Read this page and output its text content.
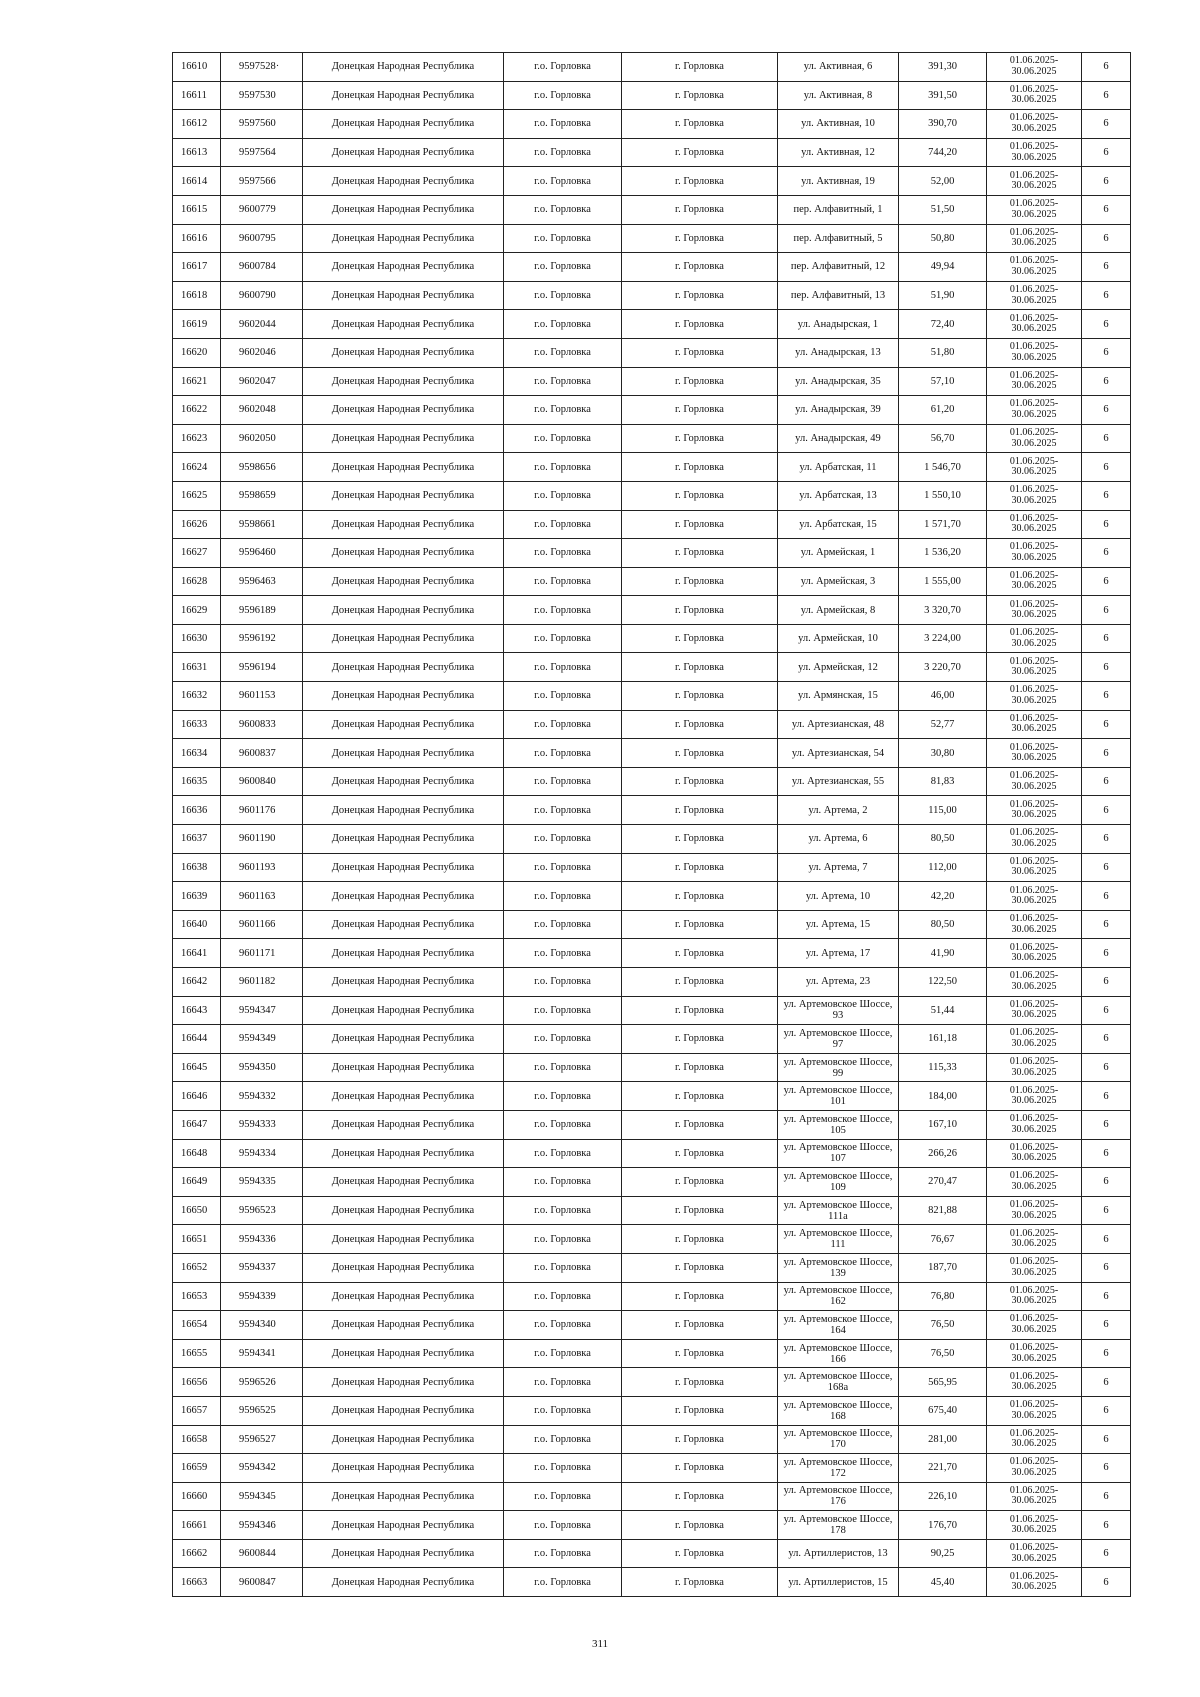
16610	9597528·	Донецкая Народная Республика	г.о. Горловка	г. Горловка	ул. Активная, 6	391,30	01.06.2025-30.06.2025	6
16611	9597530	Донецкая Народная Республика	г.о. Горловка	г. Горловка	ул. Активная, 8	391,50	01.06.2025-30.06.2025	6
16612	9597560	Донецкая Народная Республика	г.о. Горловка	г. Горловка	ул. Активная, 10	390,70	01.06.2025-30.06.2025	6
16613	9597564	Донецкая Народная Республика	г.о. Горловка	г. Горловка	ул. Активная, 12	744,20	01.06.2025-30.06.2025	6
16614	9597566	Донецкая Народная Республика	г.о. Горловка	г. Горловка	ул. Активная, 19	52,00	01.06.2025-30.06.2025	6
16615	9600779	Донецкая Народная Республика	г.о. Горловка	г. Горловка	пер. Алфавитный, 1	51,50	01.06.2025-30.06.2025	6
16616	9600795	Донецкая Народная Республика	г.о. Горловка	г. Горловка	пер. Алфавитный, 5	50,80	01.06.2025-30.06.2025	6
16617	9600784	Донецкая Народная Республика	г.о. Горловка	г. Горловка	пер. Алфавитный, 12	49,94	01.06.2025-30.06.2025	6
16618	9600790	Донецкая Народная Республика	г.о. Горловка	г. Горловка	пер. Алфавитный, 13	51,90	01.06.2025-30.06.2025	6
16619	9602044	Донецкая Народная Республика	г.о. Горловка	г. Горловка	ул. Анадырская, 1	72,40	01.06.2025-30.06.2025	6
16620	9602046	Донецкая Народная Республика	г.о. Горловка	г. Горловка	ул. Анадырская, 13	51,80	01.06.2025-30.06.2025	6
16621	9602047	Донецкая Народная Республика	г.о. Горловка	г. Горловка	ул. Анадырская, 35	57,10	01.06.2025-30.06.2025	6
16622	9602048	Донецкая Народная Республика	г.о. Горловка	г. Горловка	ул. Анадырская, 39	61,20	01.06.2025-30.06.2025	6
16623	9602050	Донецкая Народная Республика	г.о. Горловка	г. Горловка	ул. Анадырская, 49	56,70	01.06.2025-30.06.2025	6
16624	9598656	Донецкая Народная Республика	г.о. Горловка	г. Горловка	ул. Арбатская, 11	1 546,70	01.06.2025-30.06.2025	6
16625	9598659	Донецкая Народная Республика	г.о. Горловка	г. Горловка	ул. Арбатская, 13	1 550,10	01.06.2025-30.06.2025	6
16626	9598661	Донецкая Народная Республика	г.о. Горловка	г. Горловка	ул. Арбатская, 15	1 571,70	01.06.2025-30.06.2025	6
16627	9596460	Донецкая Народная Республика	г.о. Горловка	г. Горловка	ул. Армейская, 1	1 536,20	01.06.2025-30.06.2025	6
16628	9596463	Донецкая Народная Республика	г.о. Горловка	г. Горловка	ул. Армейская, 3	1 555,00	01.06.2025-30.06.2025	6
16629	9596189	Донецкая Народная Республика	г.о. Горловка	г. Горловка	ул. Армейская, 8	3 320,70	01.06.2025-30.06.2025	6
16630	9596192	Донецкая Народная Республика	г.о. Горловка	г. Горловка	ул. Армейская, 10	3 224,00	01.06.2025-30.06.2025	6
16631	9596194	Донецкая Народная Республика	г.о. Горловка	г. Горловка	ул. Армейская, 12	3 220,70	01.06.2025-30.06.2025	6
16632	9601153	Донецкая Народная Республика	г.о. Горловка	г. Горловка	ул. Армянская, 15	46,00	01.06.2025-30.06.2025	6
16633	9600833	Донецкая Народная Республика	г.о. Горловка	г. Горловка	ул. Артезианская, 48	52,77	01.06.2025-30.06.2025	6
16634	9600837	Донецкая Народная Республика	г.о. Горловка	г. Горловка	ул. Артезианская, 54	30,80	01.06.2025-30.06.2025	6
16635	9600840	Донецкая Народная Республика	г.о. Горловка	г. Горловка	ул. Артезианская, 55	81,83	01.06.2025-30.06.2025	6
16636	9601176	Донецкая Народная Республика	г.о. Горловка	г. Горловка	ул. Артема, 2	115,00	01.06.2025-30.06.2025	6
16637	9601190	Донецкая Народная Республика	г.о. Горловка	г. Горловка	ул. Артема, 6	80,50	01.06.2025-30.06.2025	6
16638	9601193	Донецкая Народная Республика	г.о. Горловка	г. Горловка	ул. Артема, 7	112,00	01.06.2025-30.06.2025	6
16639	9601163	Донецкая Народная Республика	г.о. Горловка	г. Горловка	ул. Артема, 10	42,20	01.06.2025-30.06.2025	6
16640	9601166	Донецкая Народная Республика	г.о. Горловка	г. Горловка	ул. Артема, 15	80,50	01.06.2025-30.06.2025	6
16641	9601171	Донецкая Народная Республика	г.о. Горловка	г. Горловка	ул. Артема, 17	41,90	01.06.2025-30.06.2025	6
16642	9601182	Донецкая Народная Республика	г.о. Горловка	г. Горловка	ул. Артема, 23	122,50	01.06.2025-30.06.2025	6
16643	9594347	Донецкая Народная Республика	г.о. Горловка	г. Горловка	ул. Артемовское Шоссе, 93	51,44	01.06.2025-30.06.2025	6
16644	9594349	Донецкая Народная Республика	г.о. Горловка	г. Горловка	ул. Артемовское Шоссе, 97	161,18	01.06.2025-30.06.2025	6
16645	9594350	Донецкая Народная Республика	г.о. Горловка	г. Горловка	ул. Артемовское Шоссе, 99	115,33	01.06.2025-30.06.2025	6
16646	9594332	Донецкая Народная Республика	г.о. Горловка	г. Горловка	ул. Артемовское Шоссе, 101	184,00	01.06.2025-30.06.2025	6
16647	9594333	Донецкая Народная Республика	г.о. Горловка	г. Горловка	ул. Артемовское Шоссе, 105	167,10	01.06.2025-30.06.2025	6
16648	9594334	Донецкая Народная Республика	г.о. Горловка	г. Горловка	ул. Артемовское Шоссе, 107	266,26	01.06.2025-30.06.2025	6
16649	9594335	Донецкая Народная Республика	г.о. Горловка	г. Горловка	ул. Артемовское Шоссе, 109	270,47	01.06.2025-30.06.2025	6
16650	9596523	Донецкая Народная Республика	г.о. Горловка	г. Горловка	ул. Артемовское Шоссе, 111а	821,88	01.06.2025-30.06.2025	6
16651	9594336	Донецкая Народная Республика	г.о. Горловка	г. Горловка	ул. Артемовское Шоссе, 111	76,67	01.06.2025-30.06.2025	6
16652	9594337	Донецкая Народная Республика	г.о. Горловка	г. Горловка	ул. Артемовское Шоссе, 139	187,70	01.06.2025-30.06.2025	6
16653	9594339	Донецкая Народная Республика	г.о. Горловка	г. Горловка	ул. Артемовское Шоссе, 162	76,80	01.06.2025-30.06.2025	6
16654	9594340	Донецкая Народная Республика	г.о. Горловка	г. Горловка	ул. Артемовское Шоссе, 164	76,50	01.06.2025-30.06.2025	6
16655	9594341	Донецкая Народная Республика	г.о. Горловка	г. Горловка	ул. Артемовское Шоссе, 166	76,50	01.06.2025-30.06.2025	6
16656	9596526	Донецкая Народная Республика	г.о. Горловка	г. Горловка	ул. Артемовское Шоссе, 168а	565,95	01.06.2025-30.06.2025	6
16657	9596525	Донецкая Народная Республика	г.о. Горловка	г. Горловка	ул. Артемовское Шоссе, 168	675,40	01.06.2025-30.06.2025	6
16658	9596527	Донецкая Народная Республика	г.о. Горловка	г. Горловка	ул. Артемовское Шоссе, 170	281,00	01.06.2025-30.06.2025	6
16659	9594342	Донецкая Народная Республика	г.о. Горловка	г. Горловка	ул. Артемовское Шоссе, 172	221,70	01.06.2025-30.06.2025	6
16660	9594345	Донецкая Народная Республика	г.о. Горловка	г. Горловка	ул. Артемовское Шоссе, 176	226,10	01.06.2025-30.06.2025	6
16661	9594346	Донецкая Народная Республика	г.о. Горловка	г. Горловка	ул. Артемовское Шоссе, 178	176,70	01.06.2025-30.06.2025	6
16662	9600844	Донецкая Народная Республика	г.о. Горловка	г. Горловка	ул. Артиллеристов, 13	90,25	01.06.2025-30.06.2025	6
16663	9600847	Донецкая Народная Республика	г.о. Горловка	г. Горловка	ул. Артиллеристов, 15	45,40	01.06.2025-30.06.2025	6
311
